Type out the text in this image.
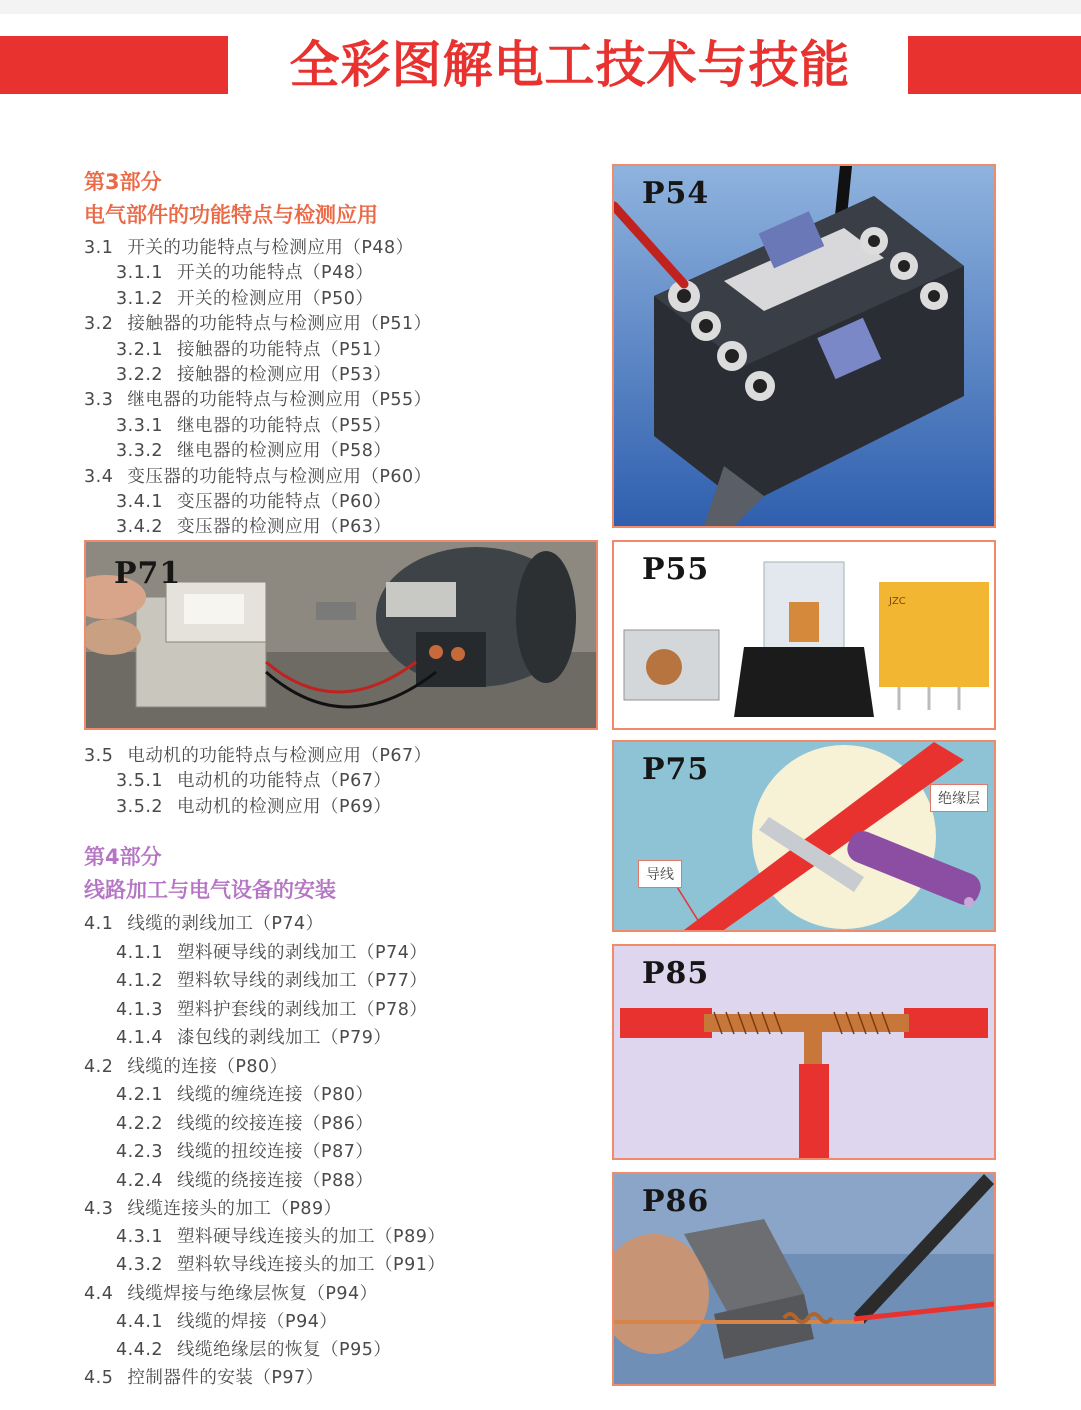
全彩图解电工技术与技能
第3部分
电气部件的功能特点与检测应用
第4部分
线路加工与电气设备的安装
3.1 开关的功能特点与检测应用（P48）
3.1.1 开关的功能特点（P48）
3.1.2 开关的检测应用（P50）
3.2 接触器的功能特点与检测应用（P51）
3.2.1 接触器的功能特点（P51）
3.2.2 接触器的检测应用（P53）
3.3 继电器的功能特点与检测应用（P55）
3.3.1 继电器的功能特点（P55）
3.3.2 继电器的检测应用（P58）
3.4 变压器的功能特点与检测应用（P60）
3.4.1 变压器的功能特点（P60）
3.4.2 变压器的检测应用（P63）
3.5 电动机的功能特点与检测应用（P67）
3.5.1 电动机的功能特点（P67）
3.5.2 电动机的检测应用（P69）
4.1 线缆的剥线加工（P74）
4.1.1 塑料硬导线的剥线加工（P74）
4.1.2 塑料软导线的剥线加工（P77）
4.1.3 塑料护套线的剥线加工（P78）
4.1.4 漆包线的剥线加工（P79）
4.2 线缆的连接（P80）
4.2.1 线缆的缠绕连接（P80）
4.2.2 线缆的绞接连接（P86）
4.2.3 线缆的扭绞连接（P87）
4.2.4 线缆的绕接连接（P88）
4.3 线缆连接头的加工（P89）
4.3.1 塑料硬导线连接头的加工（P89）
4.3.2 塑料软导线连接头的加工（P91）
4.4 线缆焊接与绝缘层恢复（P94）
4.4.1 线缆的焊接（P94）
4.4.2 线缆绝缘层的恢复（P95）
4.5 控制器件的安装（P97）
P54
P71
JZC
P55
P75
绝缘层
导线
P85
P86
